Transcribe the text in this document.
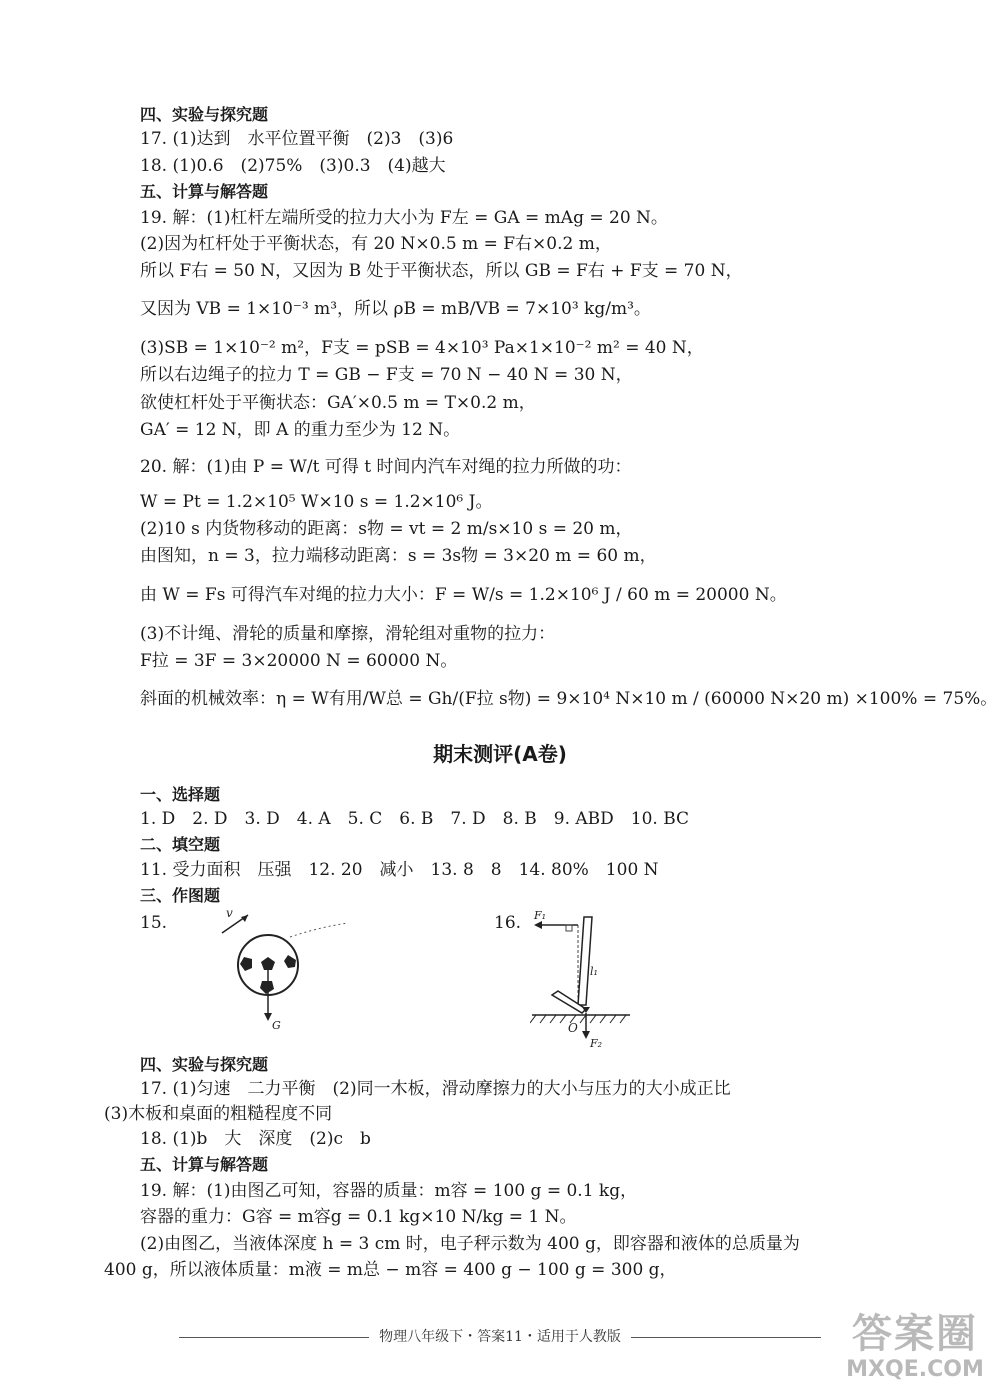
四、实验与探究题
17. (1)达到　水平位置平衡　(2)3　(3)6
18. (1)0.6　(2)75%　(3)0.3　(4)越大
五、计算与解答题
19. 解：(1)杠杆左端所受的拉力大小为 F左 = GA = mAg = 20 N。
(2)因为杠杆处于平衡状态，有 20 N×0.5 m = F右×0.2 m，
所以 F右 = 50 N，又因为 B 处于平衡状态，所以 GB = F右 + F支 = 70 N，
又因为 VB = 1×10⁻³ m³，所以 ρB = mB/VB = 7×10³ kg/m³。
(3)SB = 1×10⁻² m²，F支 = pSB = 4×10³ Pa×1×10⁻² m² = 40 N，
所以右边绳子的拉力 T = GB − F支 = 70 N − 40 N = 30 N，
欲使杠杆处于平衡状态：GA′×0.5 m = T×0.2 m，
GA′ = 12 N，即 A 的重力至少为 12 N。
20. 解：(1)由 P = W/t 可得 t 时间内汽车对绳的拉力所做的功：
W = Pt = 1.2×10⁵ W×10 s = 1.2×10⁶ J。
(2)10 s 内货物移动的距离：s物 = vt = 2 m/s×10 s = 20 m，
由图知，n = 3，拉力端移动距离：s = 3s物 = 3×20 m = 60 m，
由 W = Fs 可得汽车对绳的拉力大小：F = W/s = 1.2×10⁶ J / 60 m = 20000 N。
(3)不计绳、滑轮的质量和摩擦，滑轮组对重物的拉力：
F拉 = 3F = 3×20000 N = 60000 N。
斜面的机械效率：η = W有用/W总 = Gh/(F拉 s物) = 9×10⁴ N×10 m / (60000 N×20 m) ×100% = 75%。
期末测评(A卷)
一、选择题
1. D　2. D　3. D　4. A　5. C　6. B　7. D　8. B　9. ABD　10. BC
二、填空题
11. 受力面积　压强　12. 20　减小　13. 8　8　14. 80%　100 N
三、作图题
15.	16.
v
G
F₁
l₁
O
F₂
四、实验与探究题
17. (1)匀速　二力平衡　(2)同一木板，滑动摩擦力的大小与压力的大小成正比
(3)木板和桌面的粗糙程度不同
18. (1)b　大　深度　(2)c　b
五、计算与解答题
19. 解：(1)由图乙可知，容器的质量：m容 = 100 g = 0.1 kg，
容器的重力：G容 = m容g = 0.1 kg×10 N/kg = 1 N。
(2)由图乙，当液体深度 h = 3 cm 时，电子秤示数为 400 g，即容器和液体的总质量为
400 g，所以液体质量：m液 = m总 − m容 = 400 g − 100 g = 300 g，
物理八年级下・答案11・适用于人教版	答案圈
MXQE.COM
